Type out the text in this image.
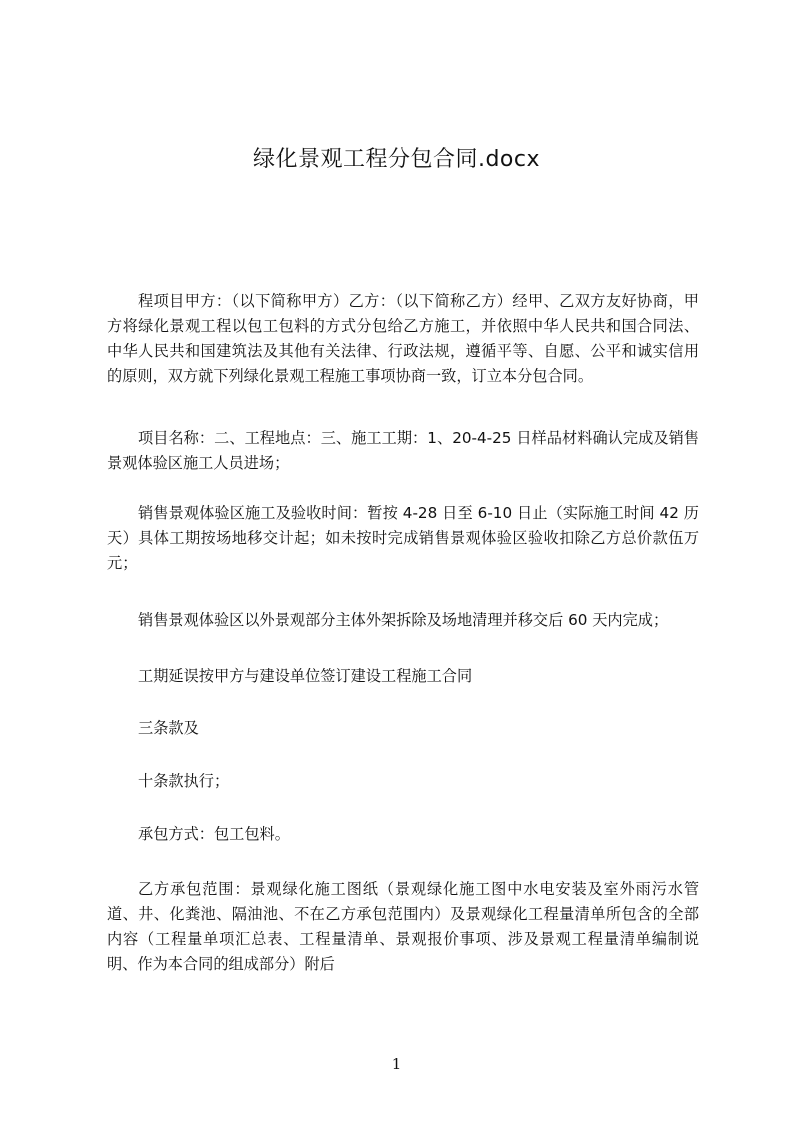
绿化景观工程分包合同.docx
程项目甲方：（以下简称甲方）乙方：（以下简称乙方）经甲、乙双方友好协商，甲方将绿化景观工程以包工包料的方式分包给乙方施工，并依照中华人民共和国合同法、中华人民共和国建筑法及其他有关法律、行政法规，遵循平等、自愿、公平和诚实信用的原则，双方就下列绿化景观工程施工事项协商一致，订立本分包合同。
项目名称：二、工程地点：三、施工工期：1、20-4-25 日样品材料确认完成及销售景观体验区施工人员进场；
销售景观体验区施工及验收时间：暂按 4-28 日至 6-10 日止（实际施工时间 42 历天）具体工期按场地移交计起；如未按时完成销售景观体验区验收扣除乙方总价款伍万元；
销售景观体验区以外景观部分主体外架拆除及场地清理并移交后 60 天内完成；
工期延误按甲方与建设单位签订建设工程施工合同
三条款及
十条款执行；
承包方式：包工包料。
乙方承包范围：景观绿化施工图纸（景观绿化施工图中水电安装及室外雨污水管道、井、化粪池、隔油池、不在乙方承包范围内）及景观绿化工程量清单所包含的全部内容（工程量单项汇总表、工程量清单、景观报价事项、涉及景观工程量清单编制说明、作为本合同的组成部分）附后
1
